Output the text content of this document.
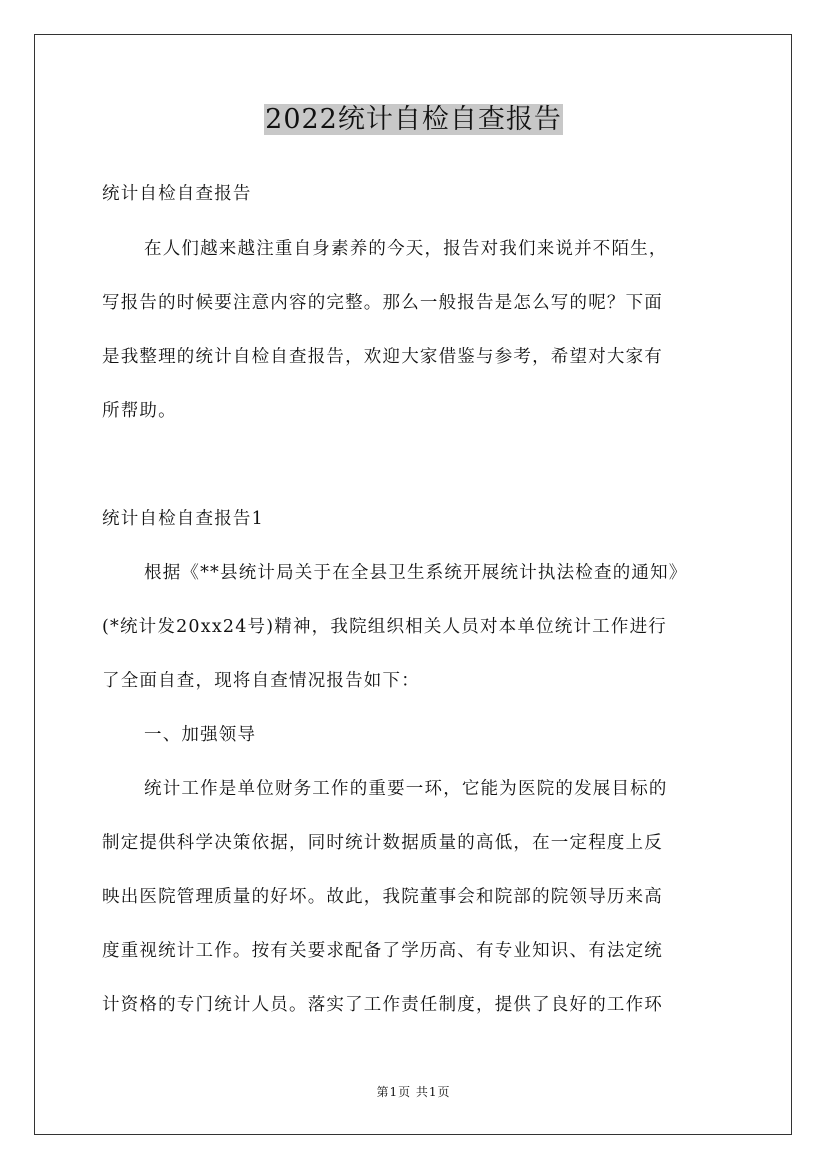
2022统计自检自查报告
统计自检自查报告
在人们越来越注重自身素养的今天，报告对我们来说并不陌生，
写报告的时候要注意内容的完整。那么一般报告是怎么写的呢？下面
是我整理的统计自检自查报告，欢迎大家借鉴与参考，希望对大家有
所帮助。
统计自检自查报告1
根据《**县统计局关于在全县卫生系统开展统计执法检查的通知》
(*统计发20xx24号)精神，我院组织相关人员对本单位统计工作进行
了全面自查，现将自查情况报告如下：
一、加强领导
统计工作是单位财务工作的重要一环，它能为医院的发展目标的
制定提供科学决策依据，同时统计数据质量的高低，在一定程度上反
映出医院管理质量的好坏。故此，我院董事会和院部的院领导历来高
度重视统计工作。按有关要求配备了学历高、有专业知识、有法定统
计资格的专门统计人员。落实了工作责任制度，提供了良好的工作环
第1页 共1页
